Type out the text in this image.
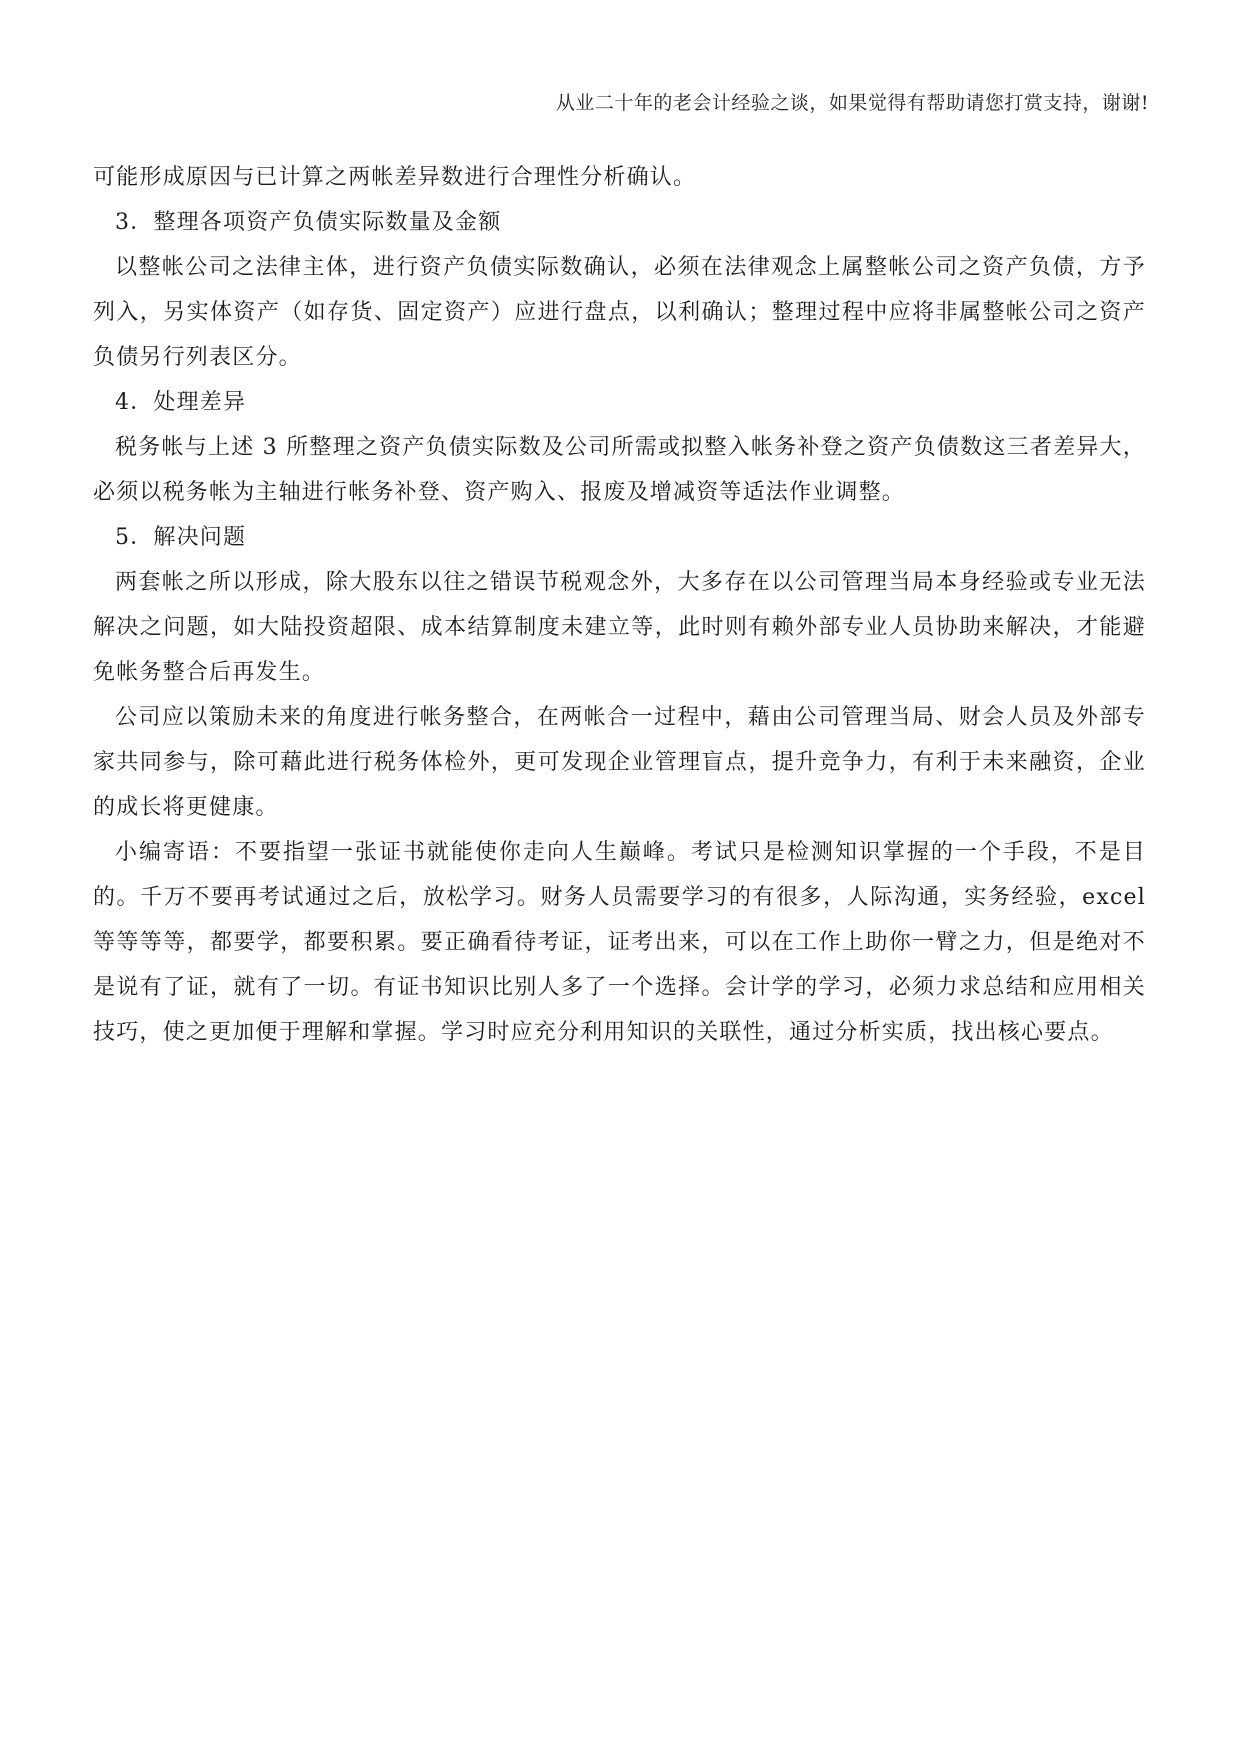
从业二十年的老会计经验之谈，如果觉得有帮助请您打赏支持，谢谢!

可能形成原因与已计算之两帐差异数进行合理性分析确认。

3．整理各项资产负债实际数量及金额

以整帐公司之法律主体，进行资产负债实际数确认，必须在法律观念上属整帐公司之资产负债，方予列入，另实体资产（如存货、固定资产）应进行盘点，以利确认；整理过程中应将非属整帐公司之资产负债另行列表区分。

4．处理差异

税务帐与上述 3 所整理之资产负债实际数及公司所需或拟整入帐务补登之资产负债数这三者差异大，必须以税务帐为主轴进行帐务补登、资产购入、报废及增减资等适法作业调整。

5．解决问题

两套帐之所以形成，除大股东以往之错误节税观念外，大多存在以公司管理当局本身经验或专业无法解决之问题，如大陆投资超限、成本结算制度未建立等，此时则有赖外部专业人员协助来解决，才能避免帐务整合后再发生。

公司应以策励未来的角度进行帐务整合，在两帐合一过程中，藉由公司管理当局、财会人员及外部专家共同参与，除可藉此进行税务体检外，更可发现企业管理盲点，提升竞争力，有利于未来融资，企业的成长将更健康。

小编寄语：不要指望一张证书就能使你走向人生巅峰。考试只是检测知识掌握的一个手段，不是目的。千万不要再考试通过之后，放松学习。财务人员需要学习的有很多，人际沟通，实务经验，excel 等等等等，都要学，都要积累。要正确看待考证，证考出来，可以在工作上助你一臂之力，但是绝对不是说有了证，就有了一切。有证书知识比别人多了一个选择。会计学的学习，必须力求总结和应用相关技巧，使之更加便于理解和掌握。学习时应充分利用知识的关联性，通过分析实质，找出核心要点。
